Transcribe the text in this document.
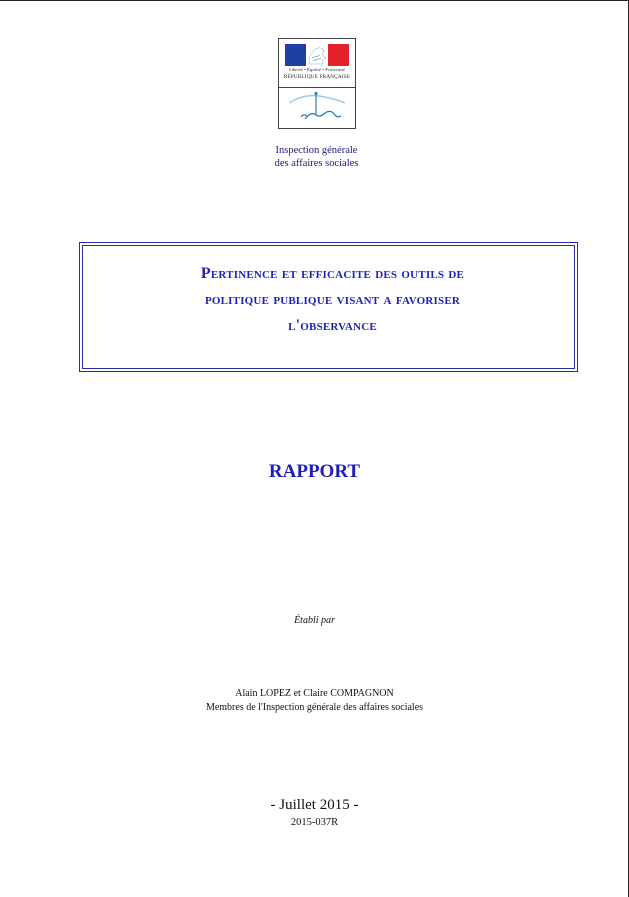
Liberté • Égalité • Fraternité
RÉPUBLIQUE FRANÇAISE
Inspection générale
des affaires sociales
Pertinence et efficacite des outils de
politique publique visant a favoriser
l'observance
RAPPORT
Établi par
Alain LOPEZ et Claire COMPAGNON
Membres de l'Inspection générale des affaires sociales
- Juillet 2015 -
2015-037R
